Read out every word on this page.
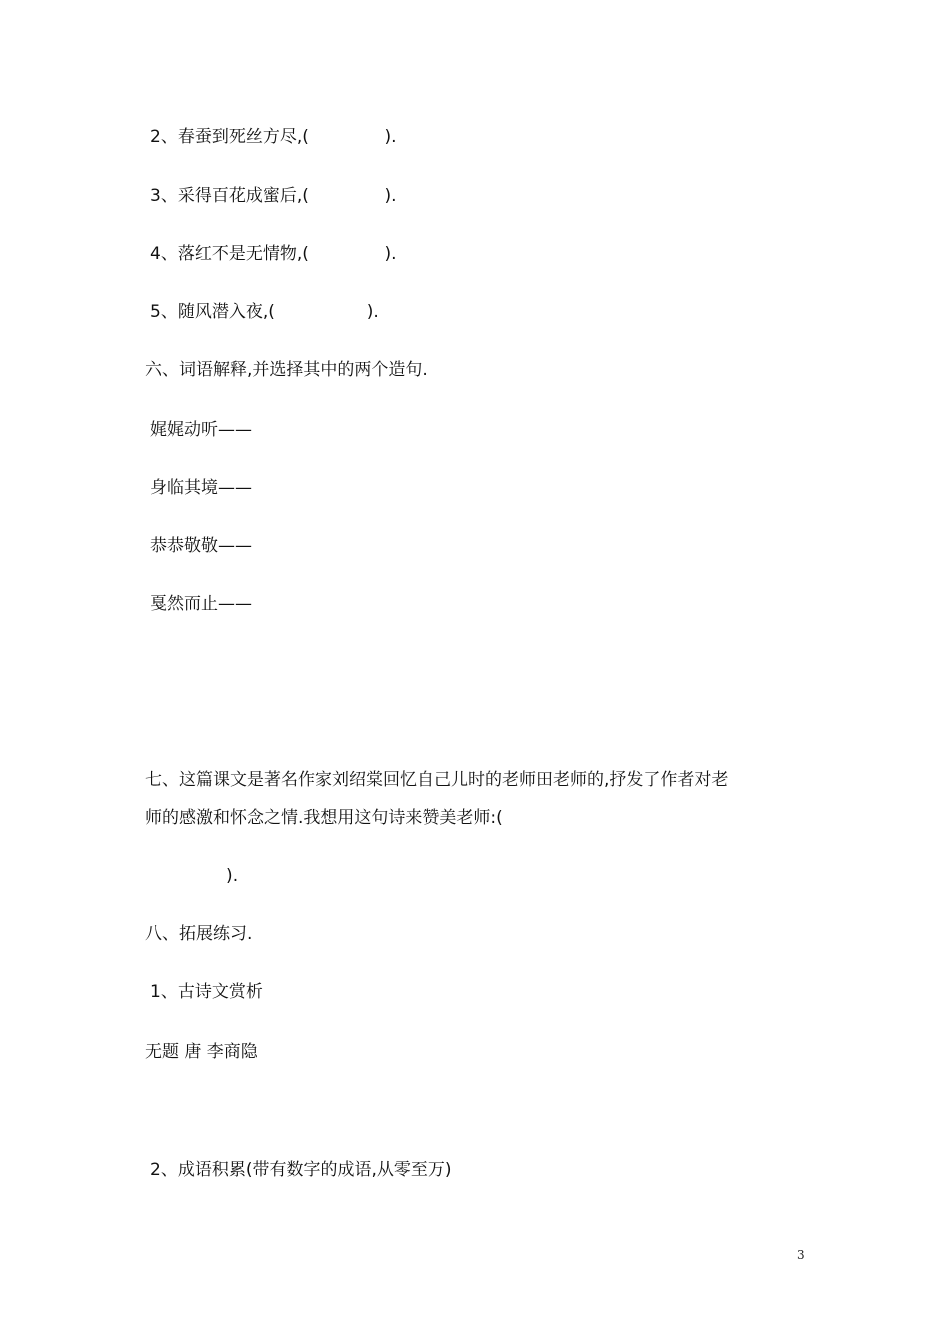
2、春蚕到死丝方尽,(              ).

3、采得百花成蜜后,(              ).

4、落红不是无情物,(              ).

5、随风潜入夜,(                 ).

六、词语解释,并选择其中的两个造句.

娓娓动听——

身临其境——

恭恭敬敬——

戛然而止——

七、这篇课文是著名作家刘绍棠回忆自己儿时的老师田老师的,抒发了作者对老

师的感激和怀念之情.我想用这句诗来赞美老师:(

).

八、拓展练习.

1、古诗文赏析

无题 唐 李商隐

2、成语积累(带有数字的成语,从零至万)

3
